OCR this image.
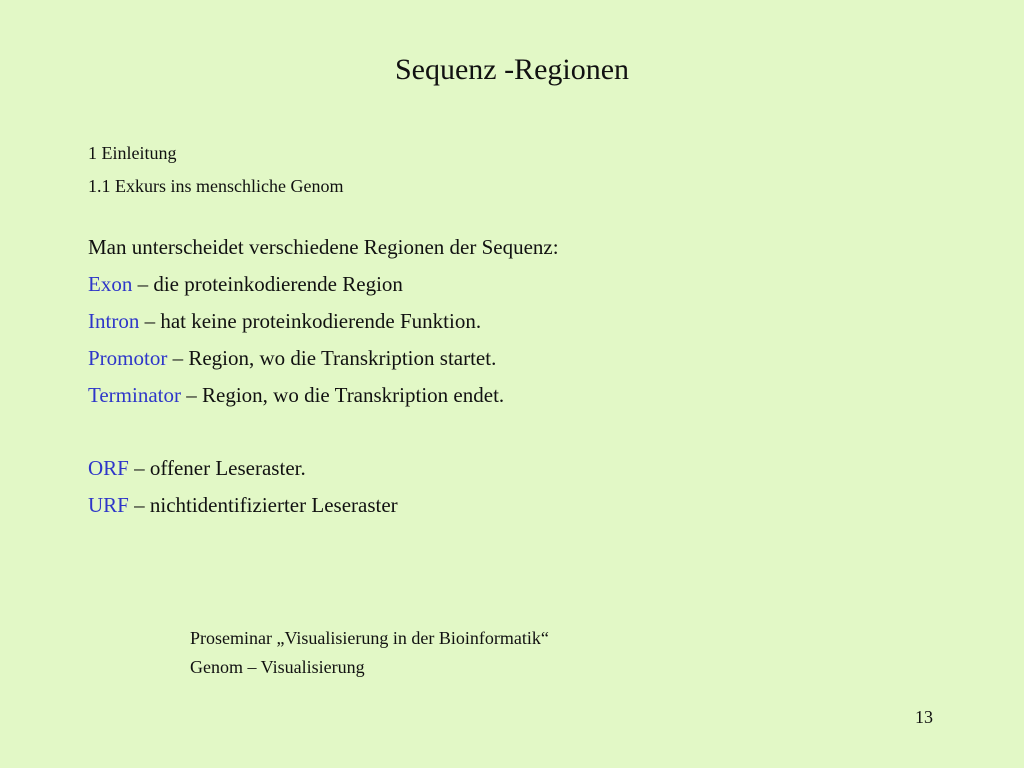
Sequenz -Regionen
1 Einleitung
1.1 Exkurs ins menschliche Genom
Man unterscheidet verschiedene Regionen der Sequenz:
Exon – die proteinkodierende Region
Intron – hat keine proteinkodierende Funktion.
Promotor – Region, wo die Transkription startet.
Terminator – Region, wo die Transkription endet.
ORF – offener Leseraster.
URF – nichtidentifizierter Leseraster
Proseminar „Visualisierung in der Bioinformatik“
Genom – Visualisierung
13
